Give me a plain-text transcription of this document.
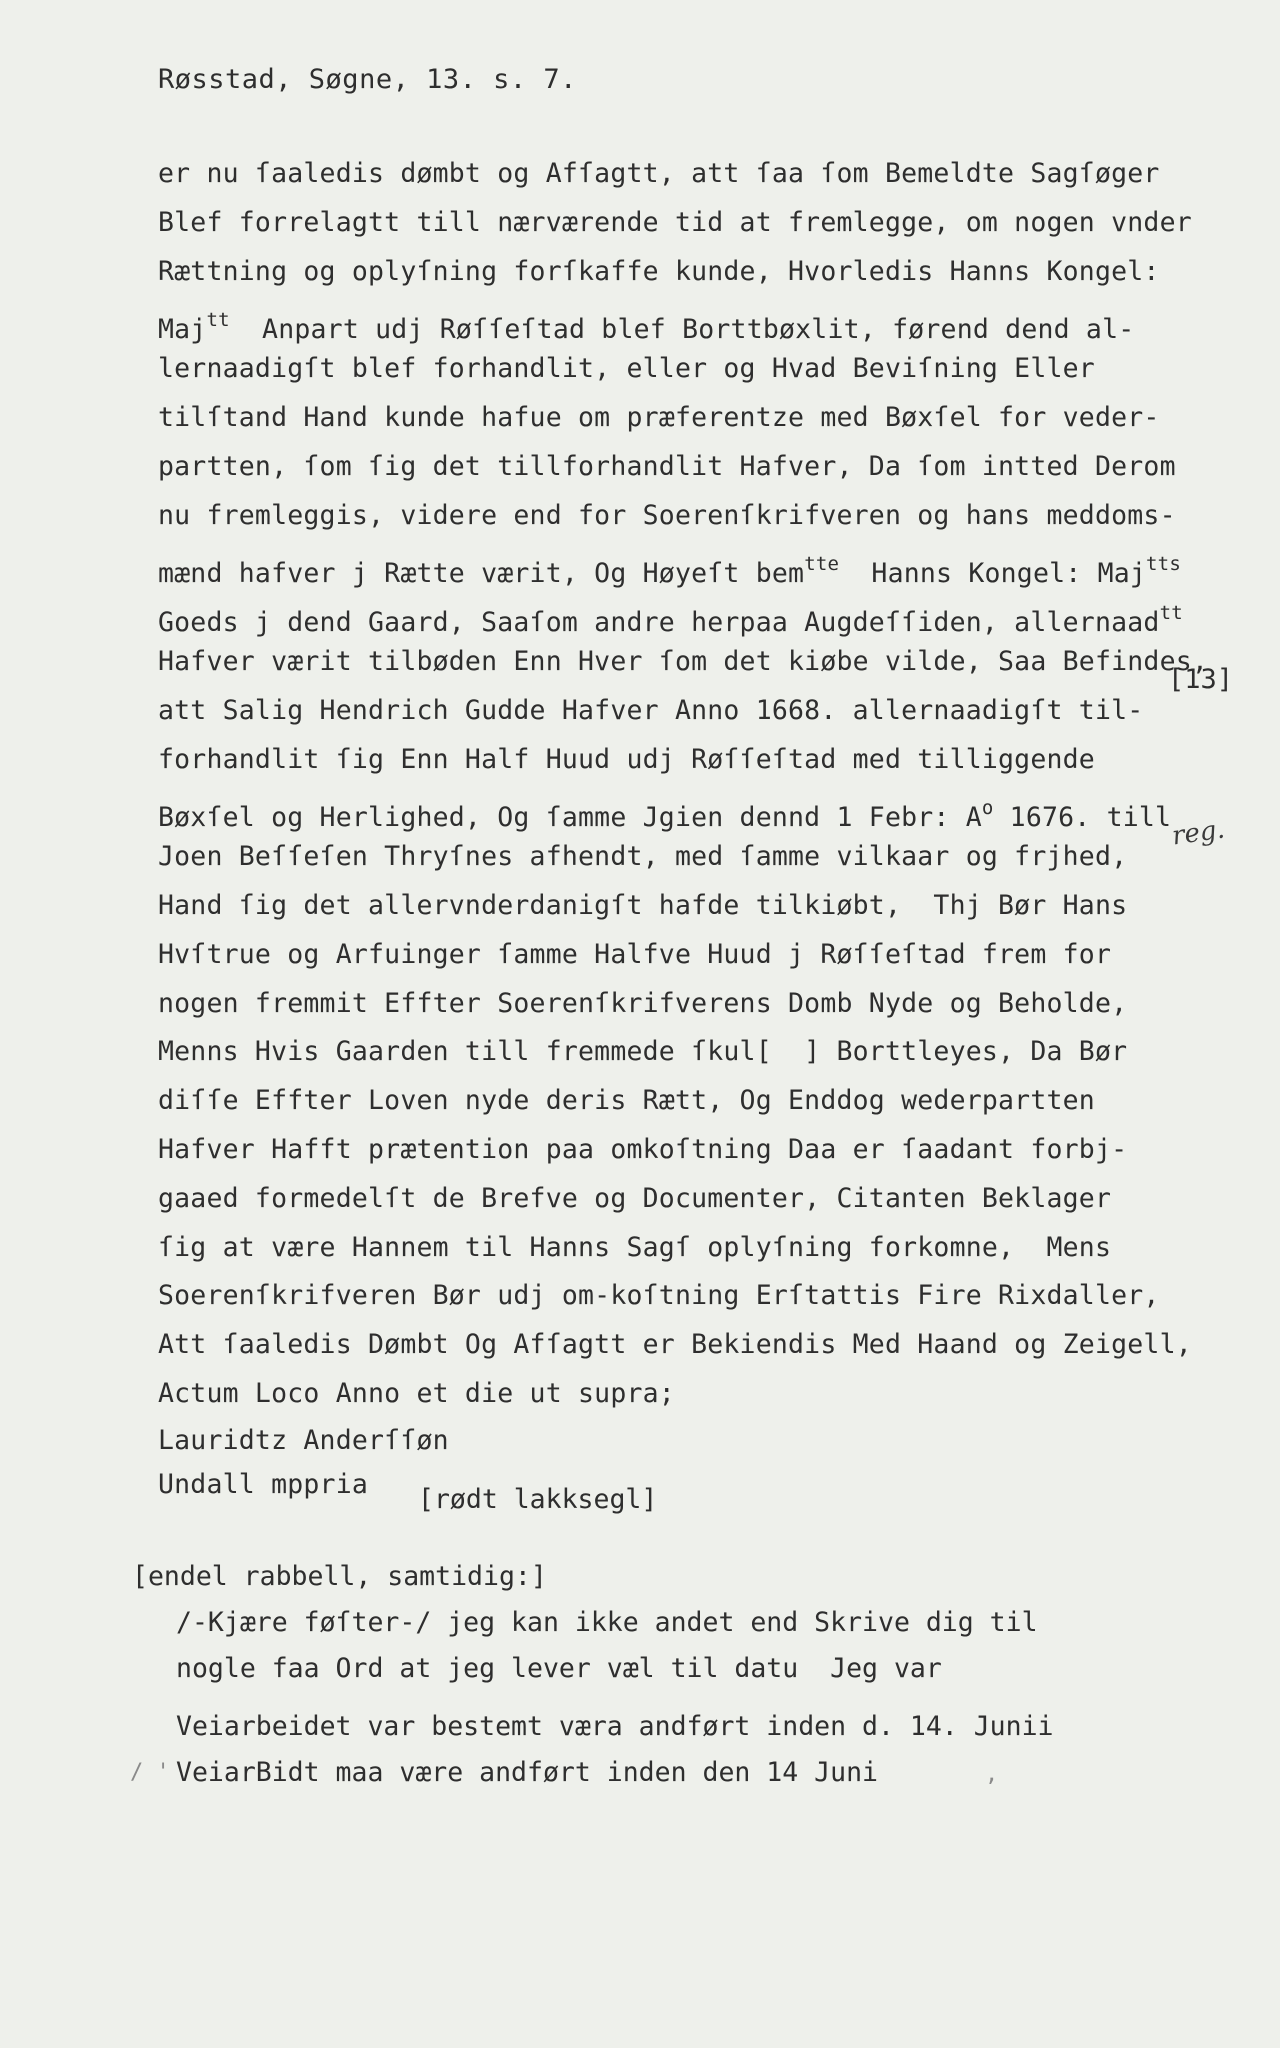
Røsstad, Søgne, 13. s. 7.
er nu ſaaledis dømbt og Afſagtt, att ſaa ſom Bemeldte Sagſøger
Blef forrelagtt till nærværende tid at fremlegge, om nogen vnder
Rættning og oplyſning forſkaffe kunde, Hvorledis Hanns Kongel:
Maj$^{tt}$  Anpart udj Røſſeſtad blef Borttbøxlit, førend dend al-
lernaadigſt blef forhandlit, eller og Hvad Beviſning Eller
tilſtand Hand kunde hafue om præferentze med Bøxſel for veder-
partten, ſom ſig det tillforhandlit Hafver, Da ſom intted Derom
nu fremleggis, videre end for Soerenſkrifveren og hans meddoms-
mænd hafver j Rætte værit, Og Høyeſt bem$^{tte}$  Hanns Kongel: Maj$^{tts}$
Goeds j dend Gaard, Saaſom andre herpaa Augdeſſiden, allernaad$^{tt}$
Hafver værit tilbøden Enn Hver ſom det kiøbe vilde, Saa Befindes,
att Salig Hendrich Gudde Hafver Anno 1668. allernaadigſt til-
forhandlit ſig Enn Half Huud udj Røſſeſtad med tilliggende
Bøxſel og Herlighed, Og ſamme Jgien dennd 1 Febr: $A^o$ 1676. till
Joen Beſſeſen Thryſnes afhendt, med ſamme vilkaar og frjhed,
Hand ſig det allervnderdanigſt hafde tilkiøbt,  Thj Bør Hans
Hvſtrue og Arfuinger ſamme Halfve Huud j Røſſeſtad frem for
nogen fremmit Effter Soerenſkrifverens Domb Nyde og Beholde,
Menns Hvis Gaarden till fremmede ſkul[  ] Borttleyes, Da Bør
diſſe Effter Loven nyde deris Rætt, Og Enddog wederpartten
Hafver Hafft prætention paa omkoſtning Daa er ſaadant forbj-
gaaed formedelſt de Brefve og Documenter, Citanten Beklager
ſig at være Hannem til Hanns Sagſ oplyſning forkomne,  Mens
Soerenſkrifveren Bør udj om-koſtning Erſtattis Fire Rixdaller,
Att ſaaledis Dømbt Og Afſagtt er Bekiendis Med Haand og Zeigell,
Actum Loco Anno et die ut supra;
Lauridtz Anderſſøn
Undall mppria	[rødt lakksegl]
[13]
reg.
[endel rabbell, samtidig:]
/-Kjære føſter-/ jeg kan ikke andet end Skrive dig til
nogle faa Ord at jeg lever væl til datu  Jeg var
Veiarbeidet var bestemt væra andført inden d. 14. Junii
VeiarBidt maa være andført inden den 14 Juni
/ '	,
